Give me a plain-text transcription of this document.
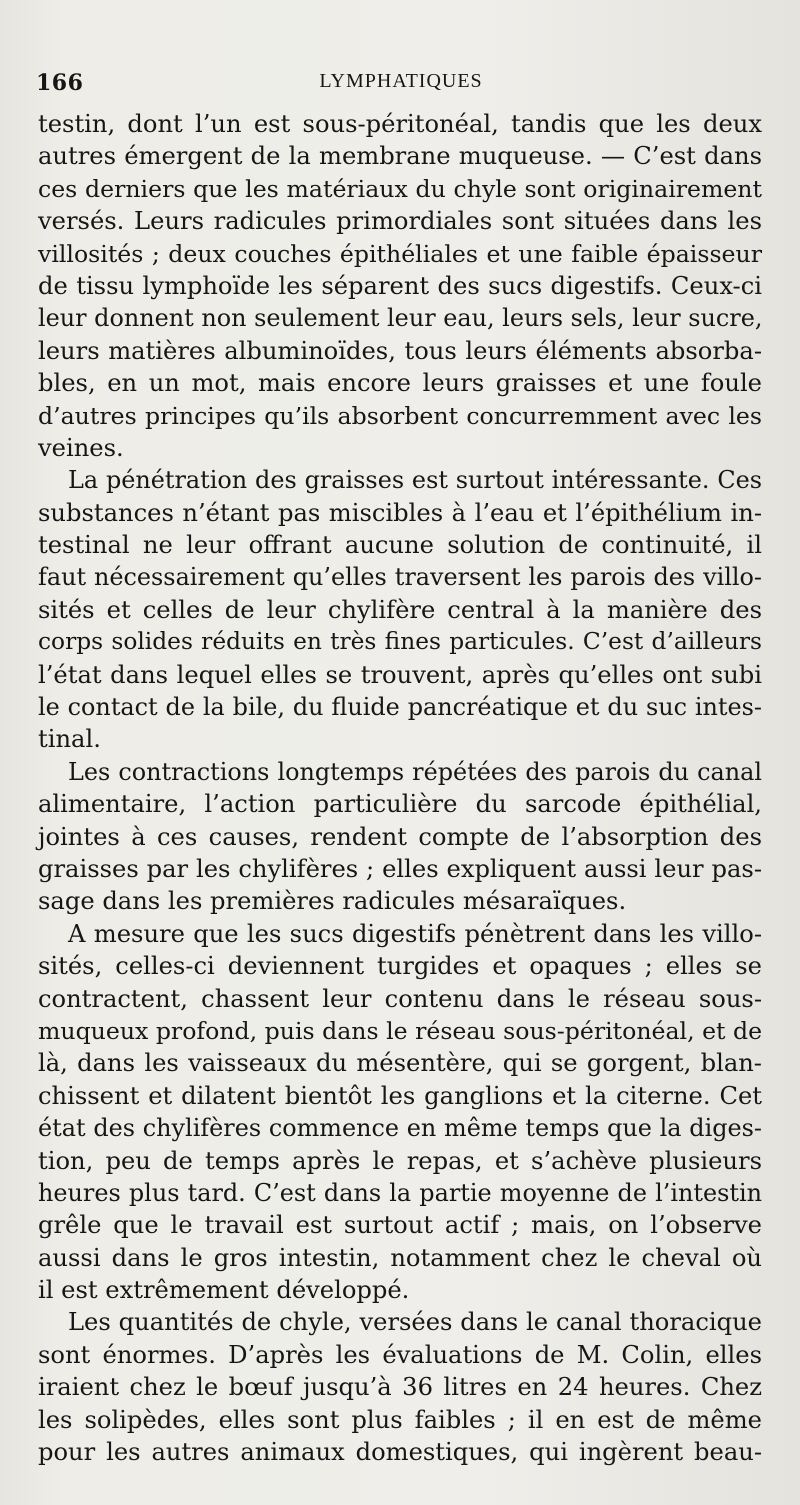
166	LYMPHATIQUES
testin, dont l’un est sous-péritonéal, tandis que les deux
autres émergent de la membrane muqueuse. — C’est dans
ces derniers que les matériaux du chyle sont originairement
versés. Leurs radicules primordiales sont situées dans les
villosités ; deux couches épithéliales et une faible épaisseur
de tissu lymphoïde les séparent des sucs digestifs. Ceux-ci
leur donnent non seulement leur eau, leurs sels, leur sucre,
leurs matières albuminoïdes, tous leurs éléments absorba-
bles, en un mot, mais encore leurs graisses et une foule
d’autres principes qu’ils absorbent concurremment avec les
veines.
La pénétration des graisses est surtout intéressante. Ces
substances n’étant pas miscibles à l’eau et l’épithélium in-
testinal ne leur offrant aucune solution de continuité, il
faut nécessairement qu’elles traversent les parois des villo-
sités et celles de leur chylifère central à la manière des
corps solides réduits en très fines particules. C’est d’ailleurs
l’état dans lequel elles se trouvent, après qu’elles ont subi
le contact de la bile, du fluide pancréatique et du suc intes-
tinal.
Les contractions longtemps répétées des parois du canal
alimentaire, l’action particulière du sarcode épithélial,
jointes à ces causes, rendent compte de l’absorption des
graisses par les chylifères ; elles expliquent aussi leur pas-
sage dans les premières radicules mésaraïques.
A mesure que les sucs digestifs pénètrent dans les villo-
sités, celles-ci deviennent turgides et opaques ; elles se
contractent, chassent leur contenu dans le réseau sous-
muqueux profond, puis dans le réseau sous-péritonéal, et de
là, dans les vaisseaux du mésentère, qui se gorgent, blan-
chissent et dilatent bientôt les ganglions et la citerne. Cet
état des chylifères commence en même temps que la diges-
tion, peu de temps après le repas, et s’achève plusieurs
heures plus tard. C’est dans la partie moyenne de l’intestin
grêle que le travail est surtout actif ; mais, on l’observe
aussi dans le gros intestin, notamment chez le cheval où
il est extrêmement développé.
Les quantités de chyle, versées dans le canal thoracique
sont énormes. D’après les évaluations de M. Colin, elles
iraient chez le bœuf jusqu’à 36 litres en 24 heures. Chez
les solipèdes, elles sont plus faibles ; il en est de même
pour les autres animaux domestiques, qui ingèrent beau-
